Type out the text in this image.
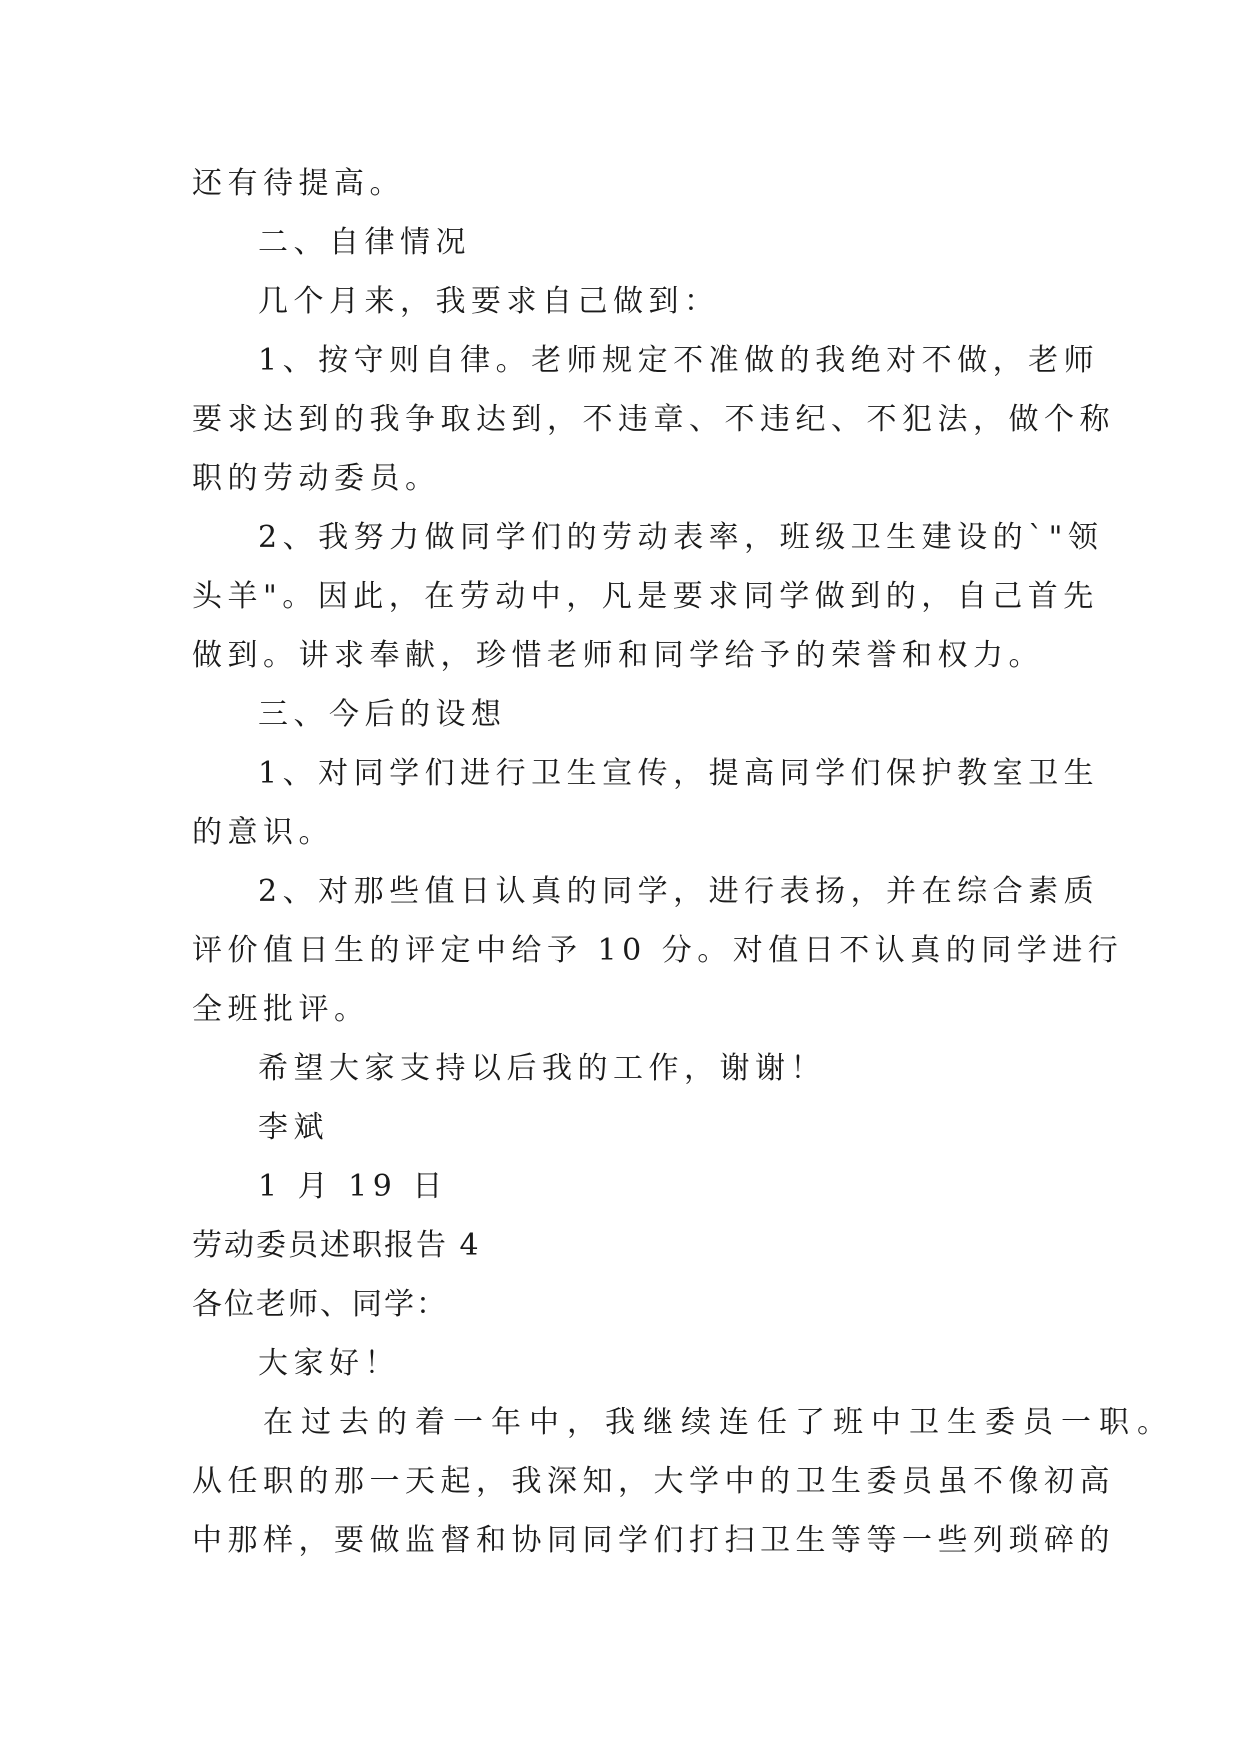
还有待提高。
二、自律情况
几个月来，我要求自己做到：
1、按守则自律。老师规定不准做的我绝对不做，老师
要求达到的我争取达到，不违章、不违纪、不犯法，做个称
职的劳动委员。
2、我努力做同学们的劳动表率，班级卫生建设的`"领
头羊"。因此，在劳动中，凡是要求同学做到的，自己首先
做到。讲求奉献，珍惜老师和同学给予的荣誉和权力。
三、今后的设想
1、对同学们进行卫生宣传，提高同学们保护教室卫生
的意识。
2、对那些值日认真的同学，进行表扬，并在综合素质
评价值日生的评定中给予 10 分。对值日不认真的同学进行
全班批评。
希望大家支持以后我的工作，谢谢！
李斌
1 月 19 日
劳动委员述职报告 4
各位老师、同学：
大家好！
在过去的着一年中，我继续连任了班中卫生委员一职。
从任职的那一天起，我深知，大学中的卫生委员虽不像初高
中那样，要做监督和协同同学们打扫卫生等等一些列琐碎的
